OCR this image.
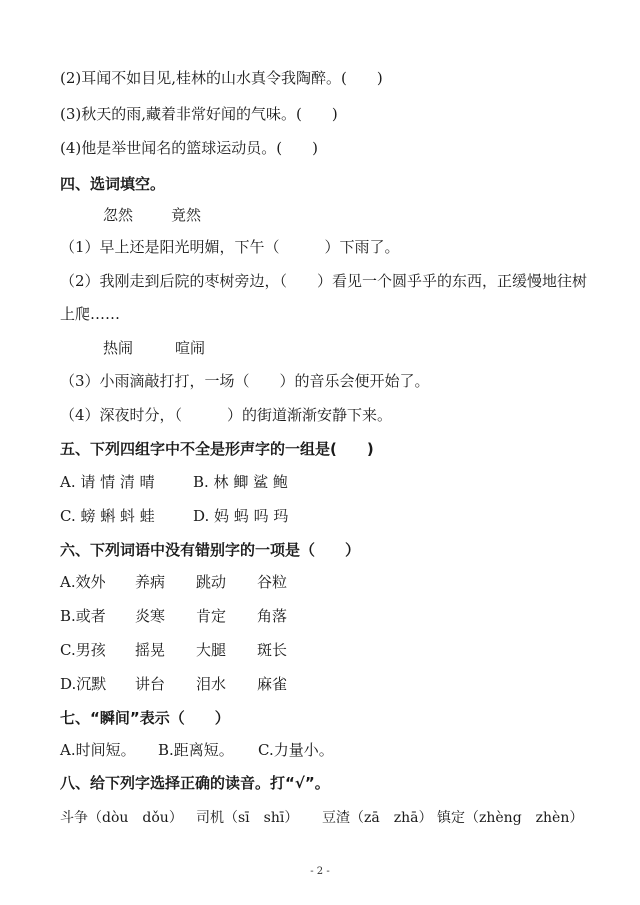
(2)耳闻不如目见,桂林的山水真令我陶醉。(　　)
(3)秋天的雨,藏着非常好闻的气味。(　　)
(4)他是举世闻名的篮球运动员。(　　)
四、选词填空。
忽然	竟然
（1）早上还是阳光明媚，下午（　　　）下雨了。
（2）我刚走到后院的枣树旁边，（　　）看见一个圆乎乎的东西，正缓慢地往树
上爬……
热闹	喧闹
（3）小雨滴敲打打，一场（　　）的音乐会便开始了。
（4）深夜时分，（　　　）的街道渐渐安静下来。
五、下列四组字中不全是形声字的一组是(　　)
A. 请 情 清 晴	B. 林 鲫 鲨 鲍
C. 螃 蝌 蚪 蛙	D. 妈 蚂 吗 玛
六、下列词语中没有错别字的一项是（　　）
A.效外 养病 跳动 谷粒
B.或者 炎寒 肯定 角落
C.男孩 摇晃 大腿 斑长
D.沉默 讲台 泪水 麻雀
七、“瞬间”表示（　　）
A.时间短。 B.距离短。 C.力量小。
八、给下列字选择正确的读音。打“√”。
斗争（dòu　dǒu） 司机（sī　shī） 豆渣（zā　zhā） 镇定（zhèng　zhèn）
- 2 -
